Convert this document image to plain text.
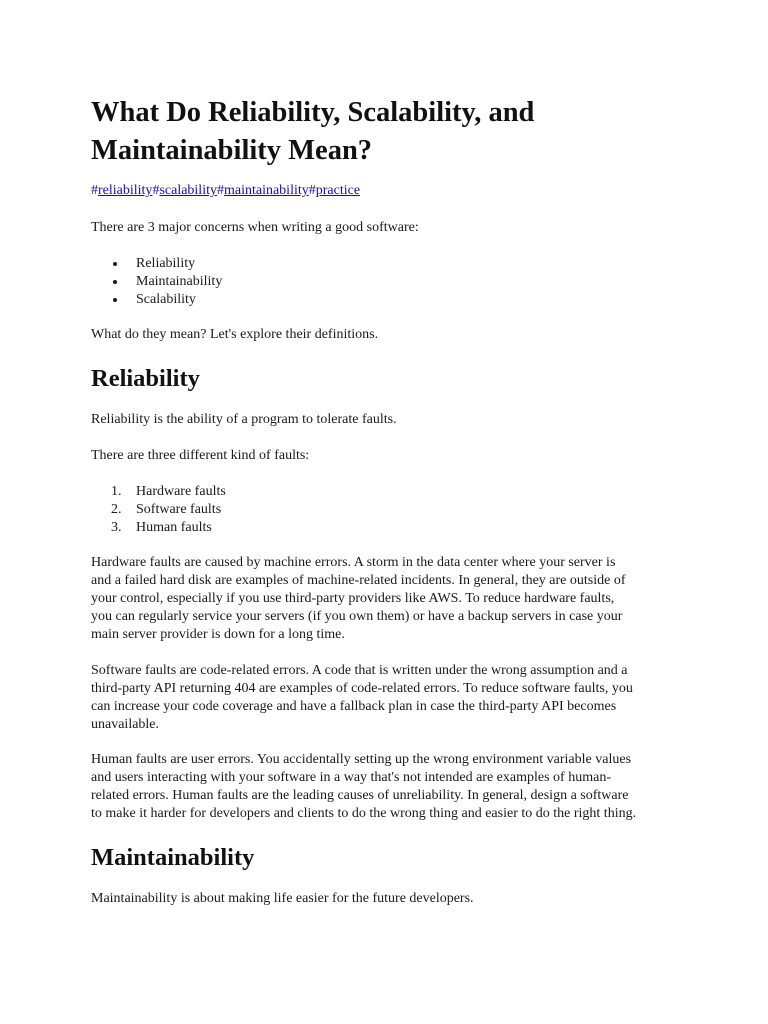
What Do Reliability, Scalability, and
Maintainability Mean?
#reliability#scalability#maintainability#practice

There are 3 major concerns when writing a good software:

Reliability
Maintainability
Scalability

What do they mean? Let's explore their definitions.

Reliability

Reliability is the ability of a program to tolerate faults.

There are three different kind of faults:

1. Hardware faults
2. Software faults
3. Human faults

Hardware faults are caused by machine errors. A storm in the data center where your server is
and a failed hard disk are examples of machine-related incidents. In general, they are outside of
your control, especially if you use third-party providers like AWS. To reduce hardware faults,
you can regularly service your servers (if you own them) or have a backup servers in case your
main server provider is down for a long time.

Software faults are code-related errors. A code that is written under the wrong assumption and a
third-party API returning 404 are examples of code-related errors. To reduce software faults, you
can increase your code coverage and have a fallback plan in case the third-party API becomes
unavailable.

Human faults are user errors. You accidentally setting up the wrong environment variable values
and users interacting with your software in a way that's not intended are examples of human-
related errors. Human faults are the leading causes of unreliability. In general, design a software
to make it harder for developers and clients to do the wrong thing and easier to do the right thing.

Maintainability

Maintainability is about making life easier for the future developers.
